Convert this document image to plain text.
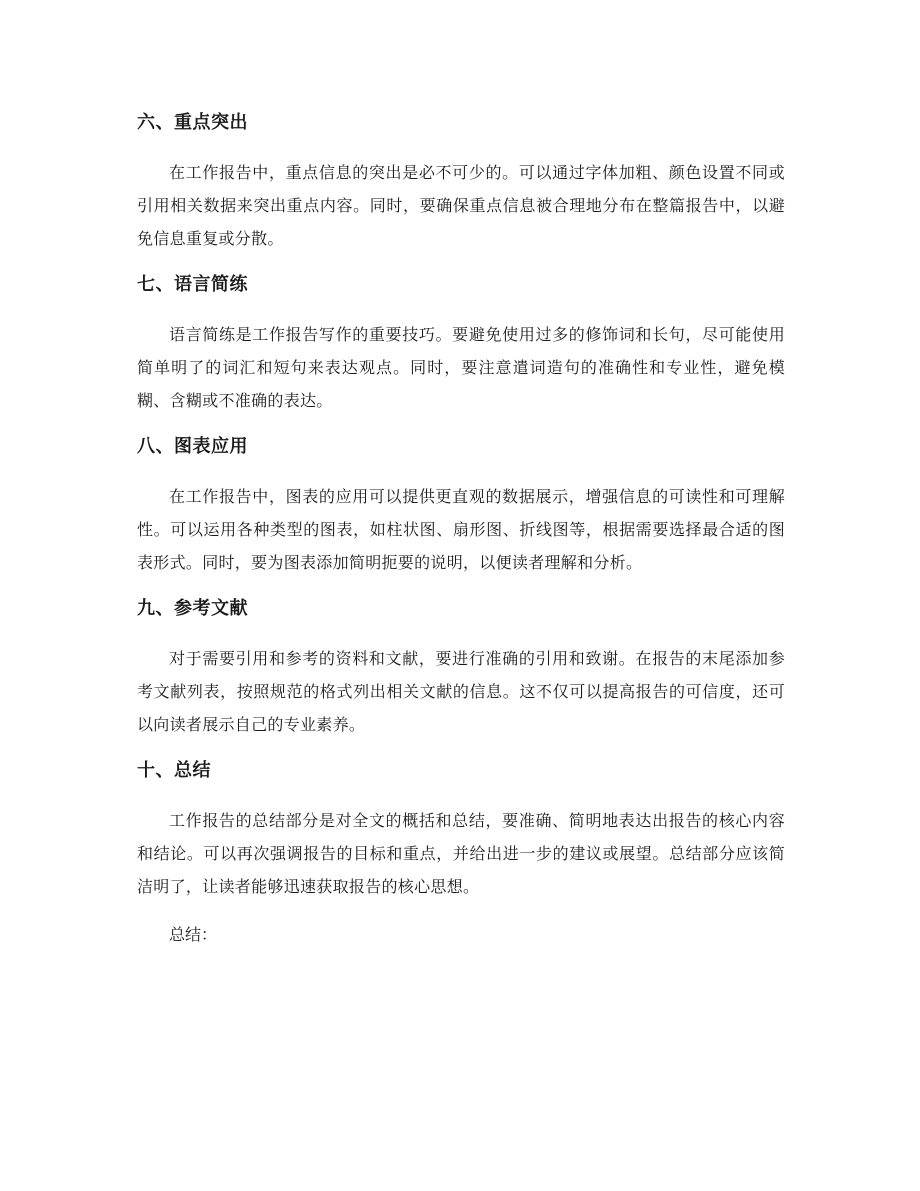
六、重点突出

在工作报告中，重点信息的突出是必不可少的。可以通过字体加粗、颜色设置不同或引用相关数据来突出重点内容。同时，要确保重点信息被合理地分布在整篇报告中，以避免信息重复或分散。

七、语言简练

语言简练是工作报告写作的重要技巧。要避免使用过多的修饰词和长句，尽可能使用简单明了的词汇和短句来表达观点。同时，要注意遣词造句的准确性和专业性，避免模糊、含糊或不准确的表达。

八、图表应用

在工作报告中，图表的应用可以提供更直观的数据展示，增强信息的可读性和可理解性。可以运用各种类型的图表，如柱状图、扇形图、折线图等，根据需要选择最合适的图表形式。同时，要为图表添加简明扼要的说明，以便读者理解和分析。

九、参考文献

对于需要引用和参考的资料和文献，要进行准确的引用和致谢。在报告的末尾添加参考文献列表，按照规范的格式列出相关文献的信息。这不仅可以提高报告的可信度，还可以向读者展示自己的专业素养。

十、总结

工作报告的总结部分是对全文的概括和总结，要准确、简明地表达出报告的核心内容和结论。可以再次强调报告的目标和重点，并给出进一步的建议或展望。总结部分应该简洁明了，让读者能够迅速获取报告的核心思想。

总结：
